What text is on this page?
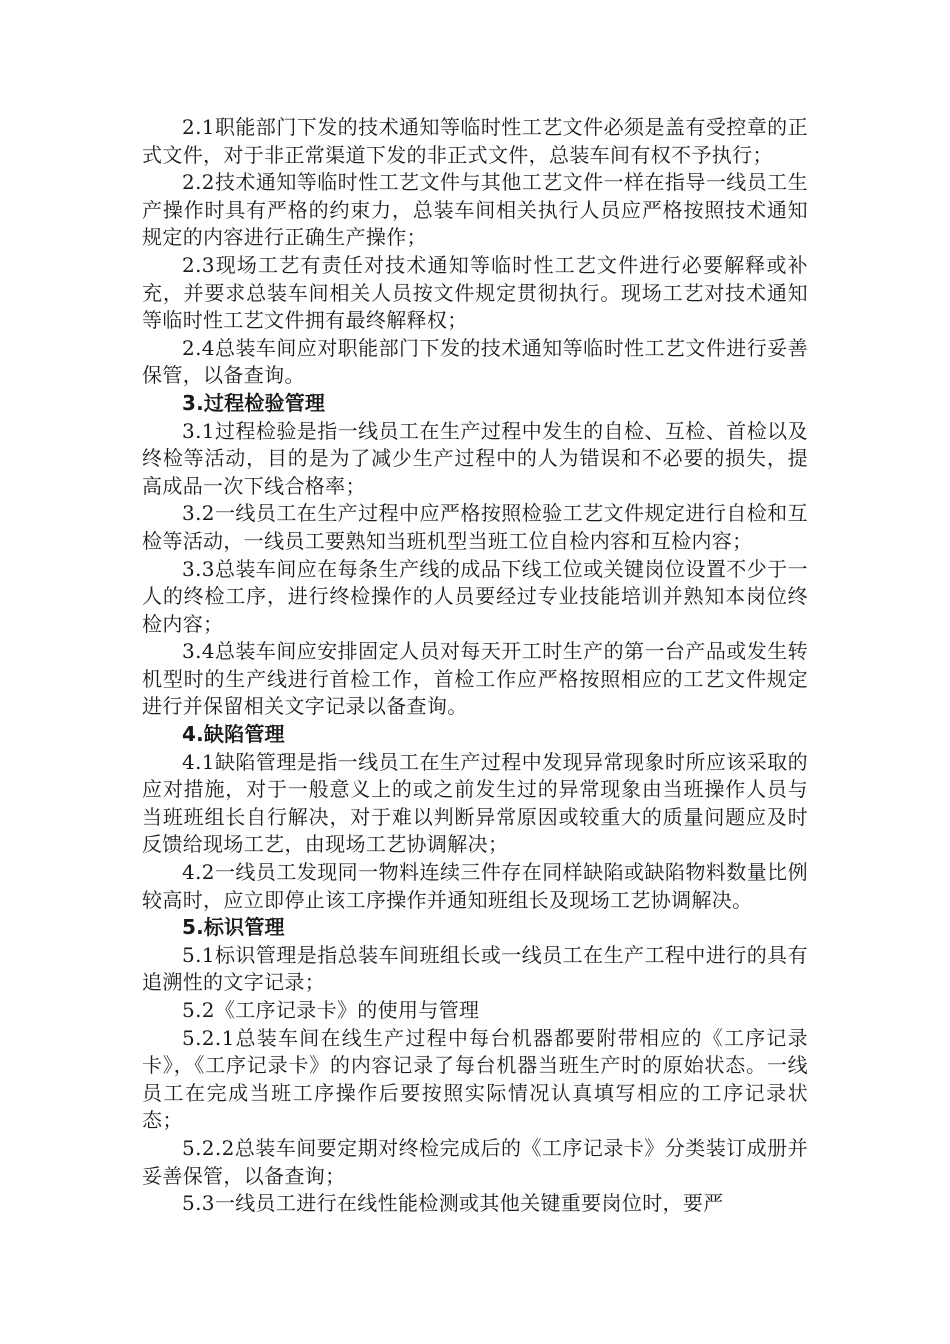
2.1职能部门下发的技术通知等临时性工艺文件必须是盖有受控章的正式文件，对于非正常渠道下发的非正式文件，总装车间有权不予执行；

2.2技术通知等临时性工艺文件与其他工艺文件一样在指导一线员工生产操作时具有严格的约束力，总装车间相关执行人员应严格按照技术通知规定的内容进行正确生产操作；

2.3现场工艺有责任对技术通知等临时性工艺文件进行必要解释或补充，并要求总装车间相关人员按文件规定贯彻执行。现场工艺对技术通知等临时性工艺文件拥有最终解释权；

2.4总装车间应对职能部门下发的技术通知等临时性工艺文件进行妥善保管，以备查询。

3.过程检验管理

3.1过程检验是指一线员工在生产过程中发生的自检、互检、首检以及终检等活动，目的是为了减少生产过程中的人为错误和不必要的损失，提高成品一次下线合格率；

3.2一线员工在生产过程中应严格按照检验工艺文件规定进行自检和互检等活动，一线员工要熟知当班机型当班工位自检内容和互检内容；

3.3总装车间应在每条生产线的成品下线工位或关键岗位设置不少于一人的终检工序，进行终检操作的人员要经过专业技能培训并熟知本岗位终检内容；

3.4总装车间应安排固定人员对每天开工时生产的第一台产品或发生转机型时的生产线进行首检工作，首检工作应严格按照相应的工艺文件规定进行并保留相关文字记录以备查询。

4.缺陷管理

4.1缺陷管理是指一线员工在生产过程中发现异常现象时所应该采取的应对措施，对于一般意义上的或之前发生过的异常现象由当班操作人员与当班班组长自行解决，对于难以判断异常原因或较重大的质量问题应及时反馈给现场工艺，由现场工艺协调解决；

4.2一线员工发现同一物料连续三件存在同样缺陷或缺陷物料数量比例较高时，应立即停止该工序操作并通知班组长及现场工艺协调解决。

5.标识管理

5.1标识管理是指总装车间班组长或一线员工在生产工程中进行的具有追溯性的文字记录；

5.2《工序记录卡》的使用与管理

5.2.1总装车间在线生产过程中每台机器都要附带相应的《工序记录卡》，《工序记录卡》的内容记录了每台机器当班生产时的原始状态。一线员工在完成当班工序操作后要按照实际情况认真填写相应的工序记录状态；

5.2.2总装车间要定期对终检完成后的《工序记录卡》分类装订成册并妥善保管，以备查询；

5.3一线员工进行在线性能检测或其他关键重要岗位时，要严
